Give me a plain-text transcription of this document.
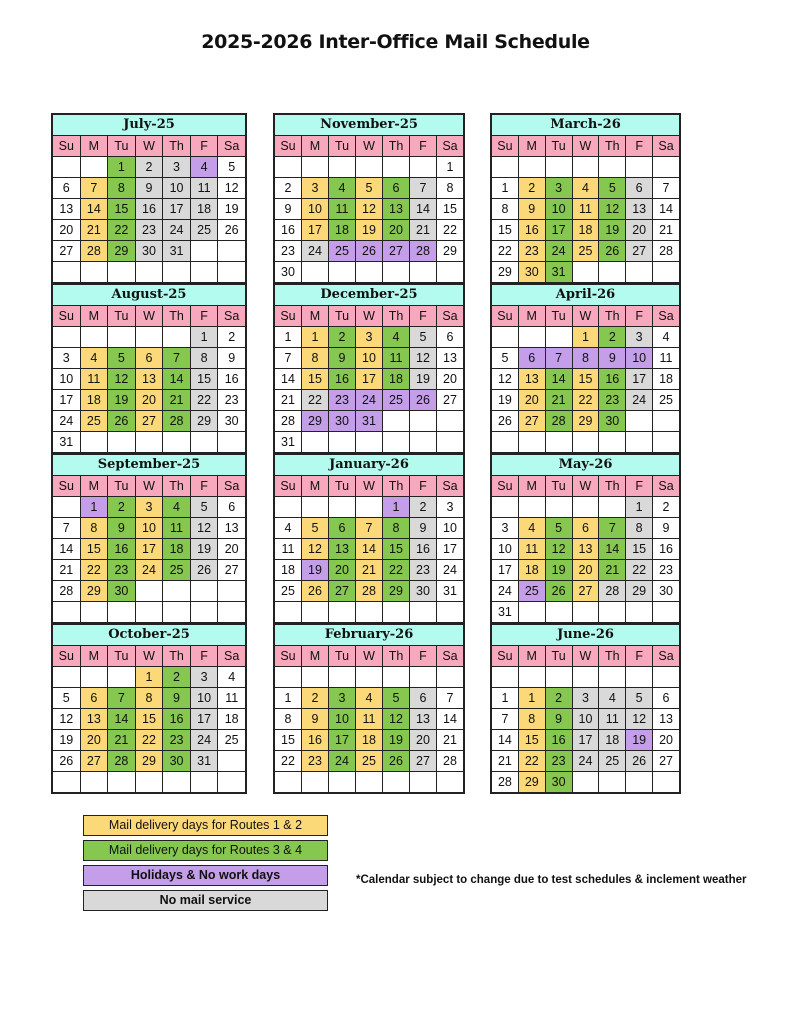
2025-2026 Inter-Office Mail Schedule
July-25						
Su	M	Tu	W	Th	F	Sa
		1	2	3	4	5
6	7	8	9	10	11	12
13	14	15	16	17	18	19
20	21	22	23	24	25	26
27	28	29	30	31		

November-25						
Su	M	Tu	W	Th	F	Sa
						1
2	3	4	5	6	7	8
9	10	11	12	13	14	15
16	17	18	19	20	21	22
23	24	25	26	27	28	29
30						
March-26						
Su	M	Tu	W	Th	F	Sa

1	2	3	4	5	6	7
8	9	10	11	12	13	14
15	16	17	18	19	20	21
22	23	24	25	26	27	28
29	30	31				
August-25						
Su	M	Tu	W	Th	F	Sa
					1	2
3	4	5	6	7	8	9
10	11	12	13	14	15	16
17	18	19	20	21	22	23
24	25	26	27	28	29	30
31						
December-25						
Su	M	Tu	W	Th	F	Sa
1	1	2	3	4	5	6
7	8	9	10	11	12	13
14	15	16	17	18	19	20
21	22	23	24	25	26	27
28	29	30	31			
31						
April-26						
Su	M	Tu	W	Th	F	Sa
			1	2	3	4
5	6	7	8	9	10	11
12	13	14	15	16	17	18
19	20	21	22	23	24	25
26	27	28	29	30		

September-25						
Su	M	Tu	W	Th	F	Sa
	1	2	3	4	5	6
7	8	9	10	11	12	13
14	15	16	17	18	19	20
21	22	23	24	25	26	27
28	29	30				

January-26						
Su	M	Tu	W	Th	F	Sa
				1	2	3
4	5	6	7	8	9	10
11	12	13	14	15	16	17
18	19	20	21	22	23	24
25	26	27	28	29	30	31

May-26						
Su	M	Tu	W	Th	F	Sa
					1	2
3	4	5	6	7	8	9
10	11	12	13	14	15	16
17	18	19	20	21	22	23
24	25	26	27	28	29	30
31						
October-25						
Su	M	Tu	W	Th	F	Sa
			1	2	3	4
5	6	7	8	9	10	11
12	13	14	15	16	17	18
19	20	21	22	23	24	25
26	27	28	29	30	31	

February-26						
Su	M	Tu	W	Th	F	Sa

1	2	3	4	5	6	7
8	9	10	11	12	13	14
15	16	17	18	19	20	21
22	23	24	25	26	27	28

June-26						
Su	M	Tu	W	Th	F	Sa

1	1	2	3	4	5	6
7	8	9	10	11	12	13
14	15	16	17	18	19	20
21	22	23	24	25	26	27
28	29	30				
Mail delivery days for Routes 1 & 2
Mail delivery days for Routes 3 & 4
Holidays & No work days
No mail service
*Calendar subject to change due to test schedules & inclement weather
